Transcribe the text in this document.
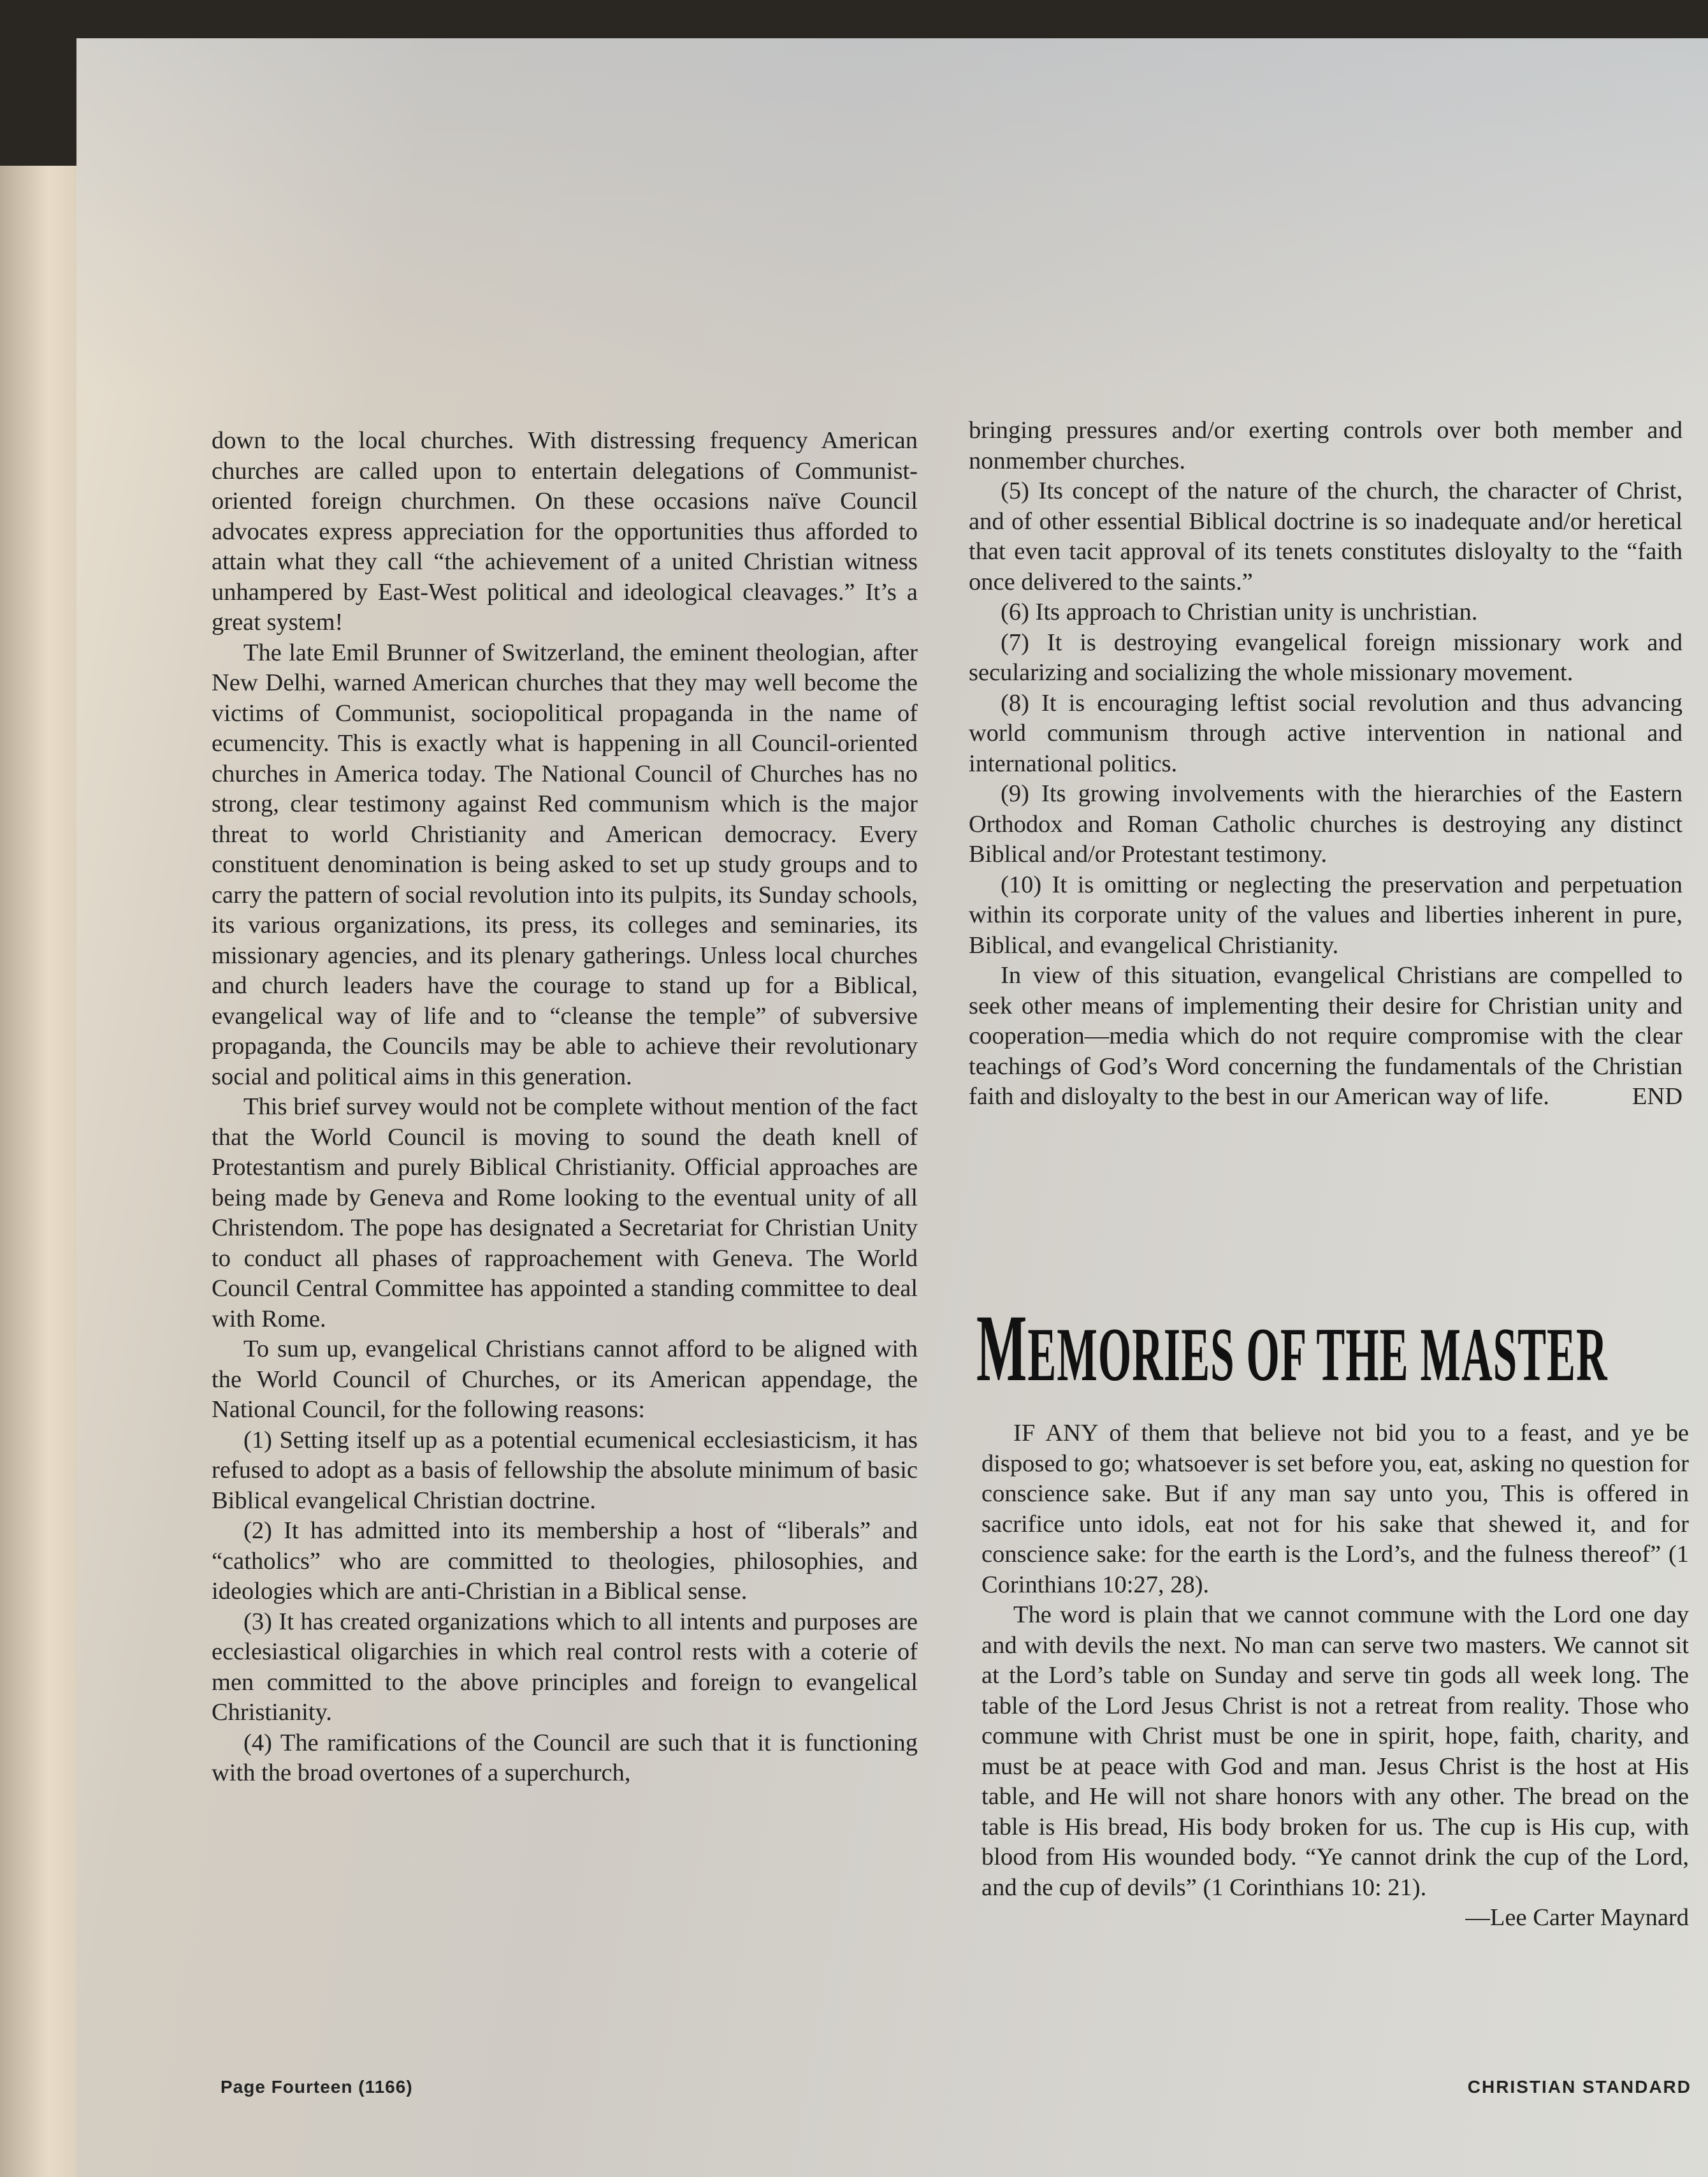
down to the local churches. With distressing frequency American churches are called upon to entertain delegations of Communist-oriented foreign churchmen. On these occasions naïve Council advocates express appreciation for the opportunities thus afforded to attain what they call “the achievement of a united Christian witness unhampered by East-West political and ideological cleavages.” It’s a great system!

The late Emil Brunner of Switzerland, the eminent theologian, after New Delhi, warned American churches that they may well become the victims of Communist, sociopolitical propaganda in the name of ecumencity. This is exactly what is happening in all Council-oriented churches in America today. The National Council of Churches has no strong, clear testimony against Red communism which is the major threat to world Christianity and American democracy. Every constituent denomination is being asked to set up study groups and to carry the pattern of social revolution into its pulpits, its Sunday schools, its various organizations, its press, its colleges and seminaries, its missionary agencies, and its plenary gatherings. Unless local churches and church leaders have the courage to stand up for a Biblical, evangelical way of life and to “cleanse the temple” of subversive propaganda, the Councils may be able to achieve their revolutionary social and political aims in this generation.

This brief survey would not be complete without mention of the fact that the World Council is moving to sound the death knell of Protestantism and purely Biblical Christianity. Official approaches are being made by Geneva and Rome looking to the eventual unity of all Christendom. The pope has designated a Secretariat for Christian Unity to conduct all phases of rapproachement with Geneva. The World Council Central Committee has appointed a standing committee to deal with Rome.

To sum up, evangelical Christians cannot afford to be aligned with the World Council of Churches, or its American appendage, the National Council, for the following reasons:

(1) Setting itself up as a potential ecumenical ecclesiasticism, it has refused to adopt as a basis of fellowship the absolute minimum of basic Biblical evangelical Christian doctrine.

(2) It has admitted into its membership a host of “liberals” and “catholics” who are committed to theologies, philosophies, and ideologies which are anti-Christian in a Biblical sense.

(3) It has created organizations which to all intents and purposes are ecclesiastical oligarchies in which real control rests with a coterie of men committed to the above principles and foreign to evangelical Christianity.

(4) The ramifications of the Council are such that it is functioning with the broad overtones of a superchurch,

bringing pressures and/or exerting controls over both member and nonmember churches.

(5) Its concept of the nature of the church, the character of Christ, and of other essential Biblical doctrine is so inadequate and/or heretical that even tacit approval of its tenets constitutes disloyalty to the “faith once delivered to the saints.”

(6) Its approach to Christian unity is unchristian.

(7) It is destroying evangelical foreign missionary work and secularizing and socializing the whole missionary movement.

(8) It is encouraging leftist social revolution and thus advancing world communism through active intervention in national and international politics.

(9) Its growing involvements with the hierarchies of the Eastern Orthodox and Roman Catholic churches is destroying any distinct Biblical and/or Protestant testimony.

(10) It is omitting or neglecting the preservation and perpetuation within its corporate unity of the values and liberties inherent in pure, Biblical, and evangelical Christianity.

In view of this situation, evangelical Christians are compelled to seek other means of implementing their desire for Christian unity and cooperation—media which do not require compromise with the clear teachings of God’s Word concerning the fundamentals of the Christian faith and disloyalty to the best in our American way of life.	END

MEMORIES OF THE MASTER

IF ANY of them that believe not bid you to a feast, and ye be disposed to go; whatsoever is set before you, eat, asking no question for conscience sake. But if any man say unto you, This is offered in sacrifice unto idols, eat not for his sake that shewed it, and for conscience sake: for the earth is the Lord’s, and the fulness thereof” (1 Corinthians 10:27, 28).

The word is plain that we cannot commune with the Lord one day and with devils the next. No man can serve two masters. We cannot sit at the Lord’s table on Sunday and serve tin gods all week long. The table of the Lord Jesus Christ is not a retreat from reality. Those who commune with Christ must be one in spirit, hope, faith, charity, and must be at peace with God and man. Jesus Christ is the host at His table, and He will not share honors with any other. The bread on the table is His bread, His body broken for us. The cup is His cup, with blood from His wounded body. “Ye cannot drink the cup of the Lord, and the cup of devils” (1 Corinthians 10: 21).

—Lee Carter Maynard

Page Fourteen (1166)	CHRISTIAN STANDARD
